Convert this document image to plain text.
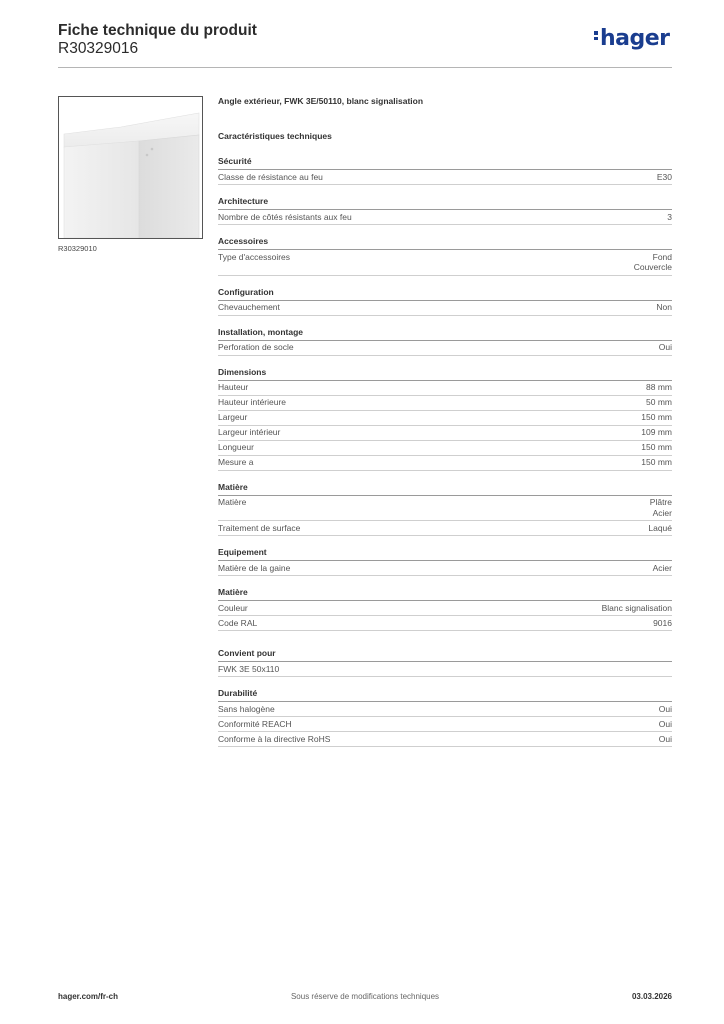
Fiche technique du produit
R30329016	hager
R30329010
Angle extérieur, FWK 3E/50110, blanc signalisation
Caractéristiques techniques
Sécurité
Classe de résistance au feu	E30
Architecture
Nombre de côtés résistants aux feu	3
Accessoires
Type d'accessoires	Fond
Couvercle
Configuration
Chevauchement	Non
Installation, montage
Perforation de socle	Oui
Dimensions
Hauteur	88 mm
Hauteur intérieure	50 mm
Largeur	150 mm
Largeur intérieur	109 mm
Longueur	150 mm
Mesure a	150 mm
Matière
Matière	Plâtre
Acier
Traitement de surface	Laqué
Equipement
Matière de la gaine	Acier
Matière
Couleur	Blanc signalisation
Code RAL	9016
Convient pour
FWK 3E 50x110
Durabilité
Sans halogène	Oui
Conformité REACH	Oui
Conforme à la directive RoHS	Oui
hager.com/fr-ch	Sous réserve de modifications techniques	03.03.2026
